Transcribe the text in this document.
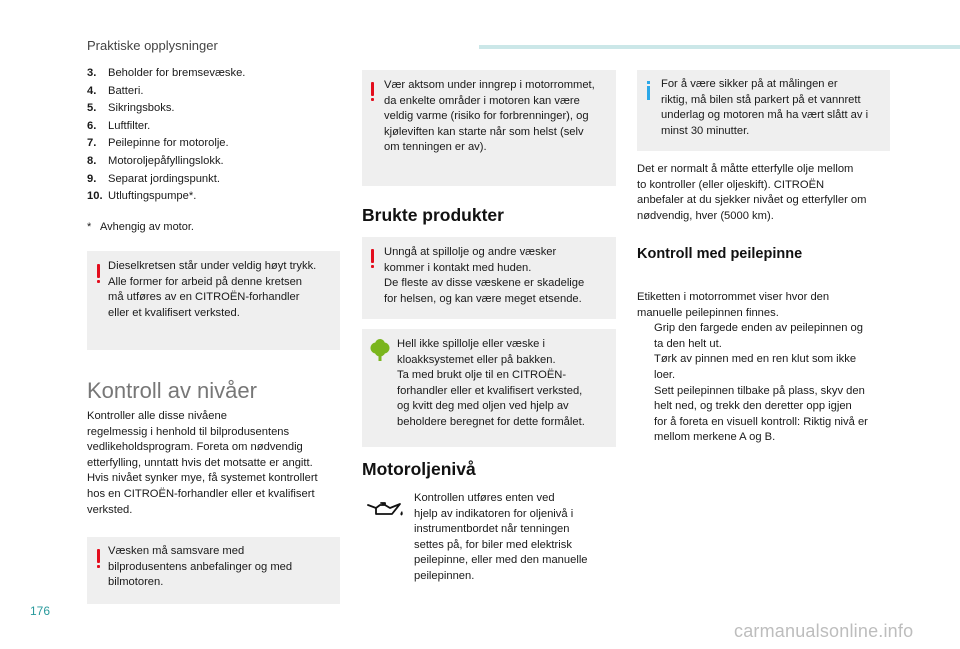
Praktiske opplysninger
3.	Beholder for bremsevæske.
4.	Batteri.
5.	Sikringsboks.
6.	Luftfilter.
7.	Peilepinne for motorolje.
8.	Motoroljepåfyllingslokk.
9.	Separat jordingspunkt.
10. Utluftingspumpe*.
* Avhengig av motor.
Dieselkretsen står under veldig høyt trykk.
Alle former for arbeid på denne kretsen
må utføres av en CITROËN-forhandler
eller et kvalifisert verksted.
Kontroll av nivåer
Kontroller alle disse nivåene
regelmessig i henhold til bilprodusentens
vedlikeholdsprogram. Foreta om nødvendig
etterfylling, unntatt hvis det motsatte er angitt.
Hvis nivået synker mye, få systemet kontrollert
hos en CITROËN-forhandler eller et kvalifisert
verksted.
Væsken må samsvare med
bilprodusentens anbefalinger og med
bilmotoren.
Vær aktsom under inngrep i motorrommet,
da enkelte områder i motoren kan være
veldig varme (risiko for forbrenninger), og
kjøleviften kan starte når som helst (selv
om tenningen er av).
Brukte produkter
Unngå at spillolje og andre væsker
kommer i kontakt med huden.
De fleste av disse væskene er skadelige
for helsen, og kan være meget etsende.
Hell ikke spillolje eller væske i
kloakksystemet eller på bakken.
Ta med brukt olje til en CITROËN-
forhandler eller et kvalifisert verksted,
og kvitt deg med oljen ved hjelp av
beholdere beregnet for dette formålet.
Motoroljenivå
Kontrollen utføres enten ved
hjelp av indikatoren for oljenivå i
instrumentbordet når tenningen
settes på, for biler med elektrisk
peilepinne, eller med den manuelle
peilepinnen.
For å være sikker på at målingen er
riktig, må bilen stå parkert på et vannrett
underlag og motoren må ha vært slått av i
minst 30 minutter.
Det er normalt å måtte etterfylle olje mellom
to kontroller (eller oljeskift). CITROËN
anbefaler at du sjekker nivået og etterfyller om
nødvendig, hver (5000 km).
Kontroll med peilepinne
Etiketten i motorrommet viser hvor den
manuelle peilepinnen finnes.
Grip den fargede enden av peilepinnen og
ta den helt ut.
Tørk av pinnen med en ren klut som ikke
loer.
Sett peilepinnen tilbake på plass, skyv den
helt ned, og trekk den deretter opp igjen
for å foreta en visuell kontroll: Riktig nivå er
mellom merkene A og B.
176
carmanualsonline.info
